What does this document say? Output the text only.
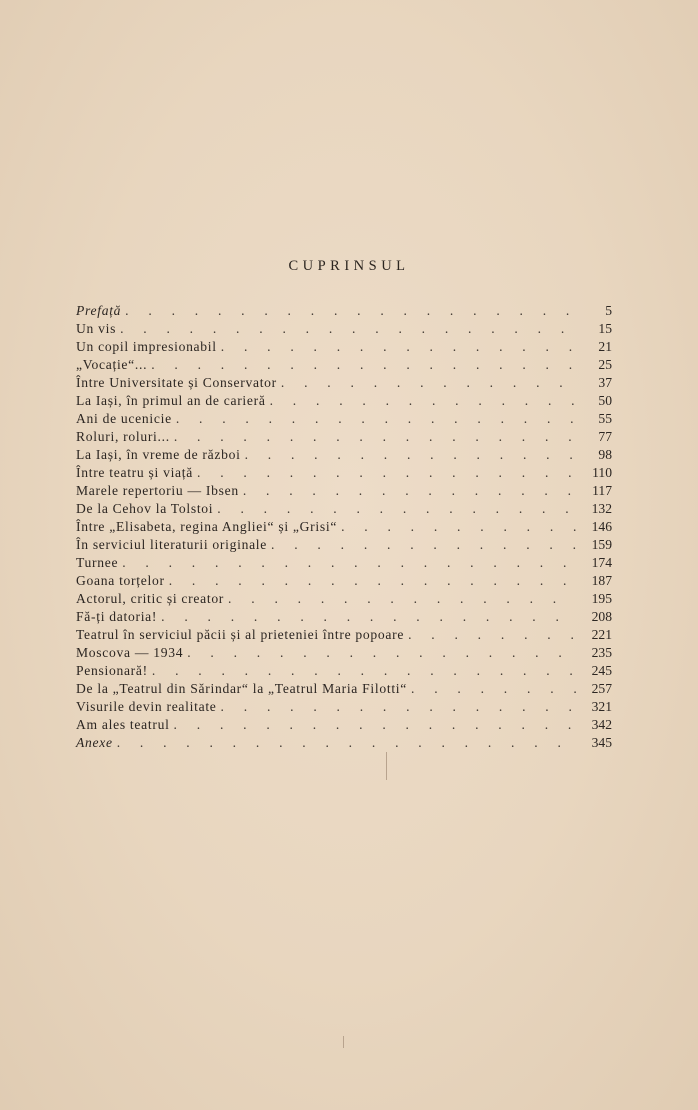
CUPRINSUL
Prefață . . .	5
Un vis . . .	15
Un copil impresionabil . . .	21
„Vocație“... . . .	25
Între Universitate și Conservator . . .	37
La Iași, în primul an de carieră . . .	50
Ani de ucenicie . . .	55
Roluri, roluri... . . .	77
La Iași, în vreme de război . . .	98
Între teatru și viață . . .	110
Marele repertoriu — Ibsen . . .	117
De la Cehov la Tolstoi . . .	132
Între „Elisabeta, regina Angliei“ și „Grisi“ . . .	146
În serviciul literaturii originale . . .	159
Turnee . . .	174
Goana torțelor . . .	187
Actorul, critic și creator . . .	195
Fă-ți datoria! . . .	208
Teatrul în serviciul păcii și al prieteniei între popoare . . .	221
Moscova — 1934 . . .	235
Pensionară! . . .	245
De la „Teatrul din Sărindar“ la „Teatrul Maria Filotti“ . . .	257
Visurile devin realitate . . .	321
Am ales teatrul . . .	342
Anexe . . .	345
